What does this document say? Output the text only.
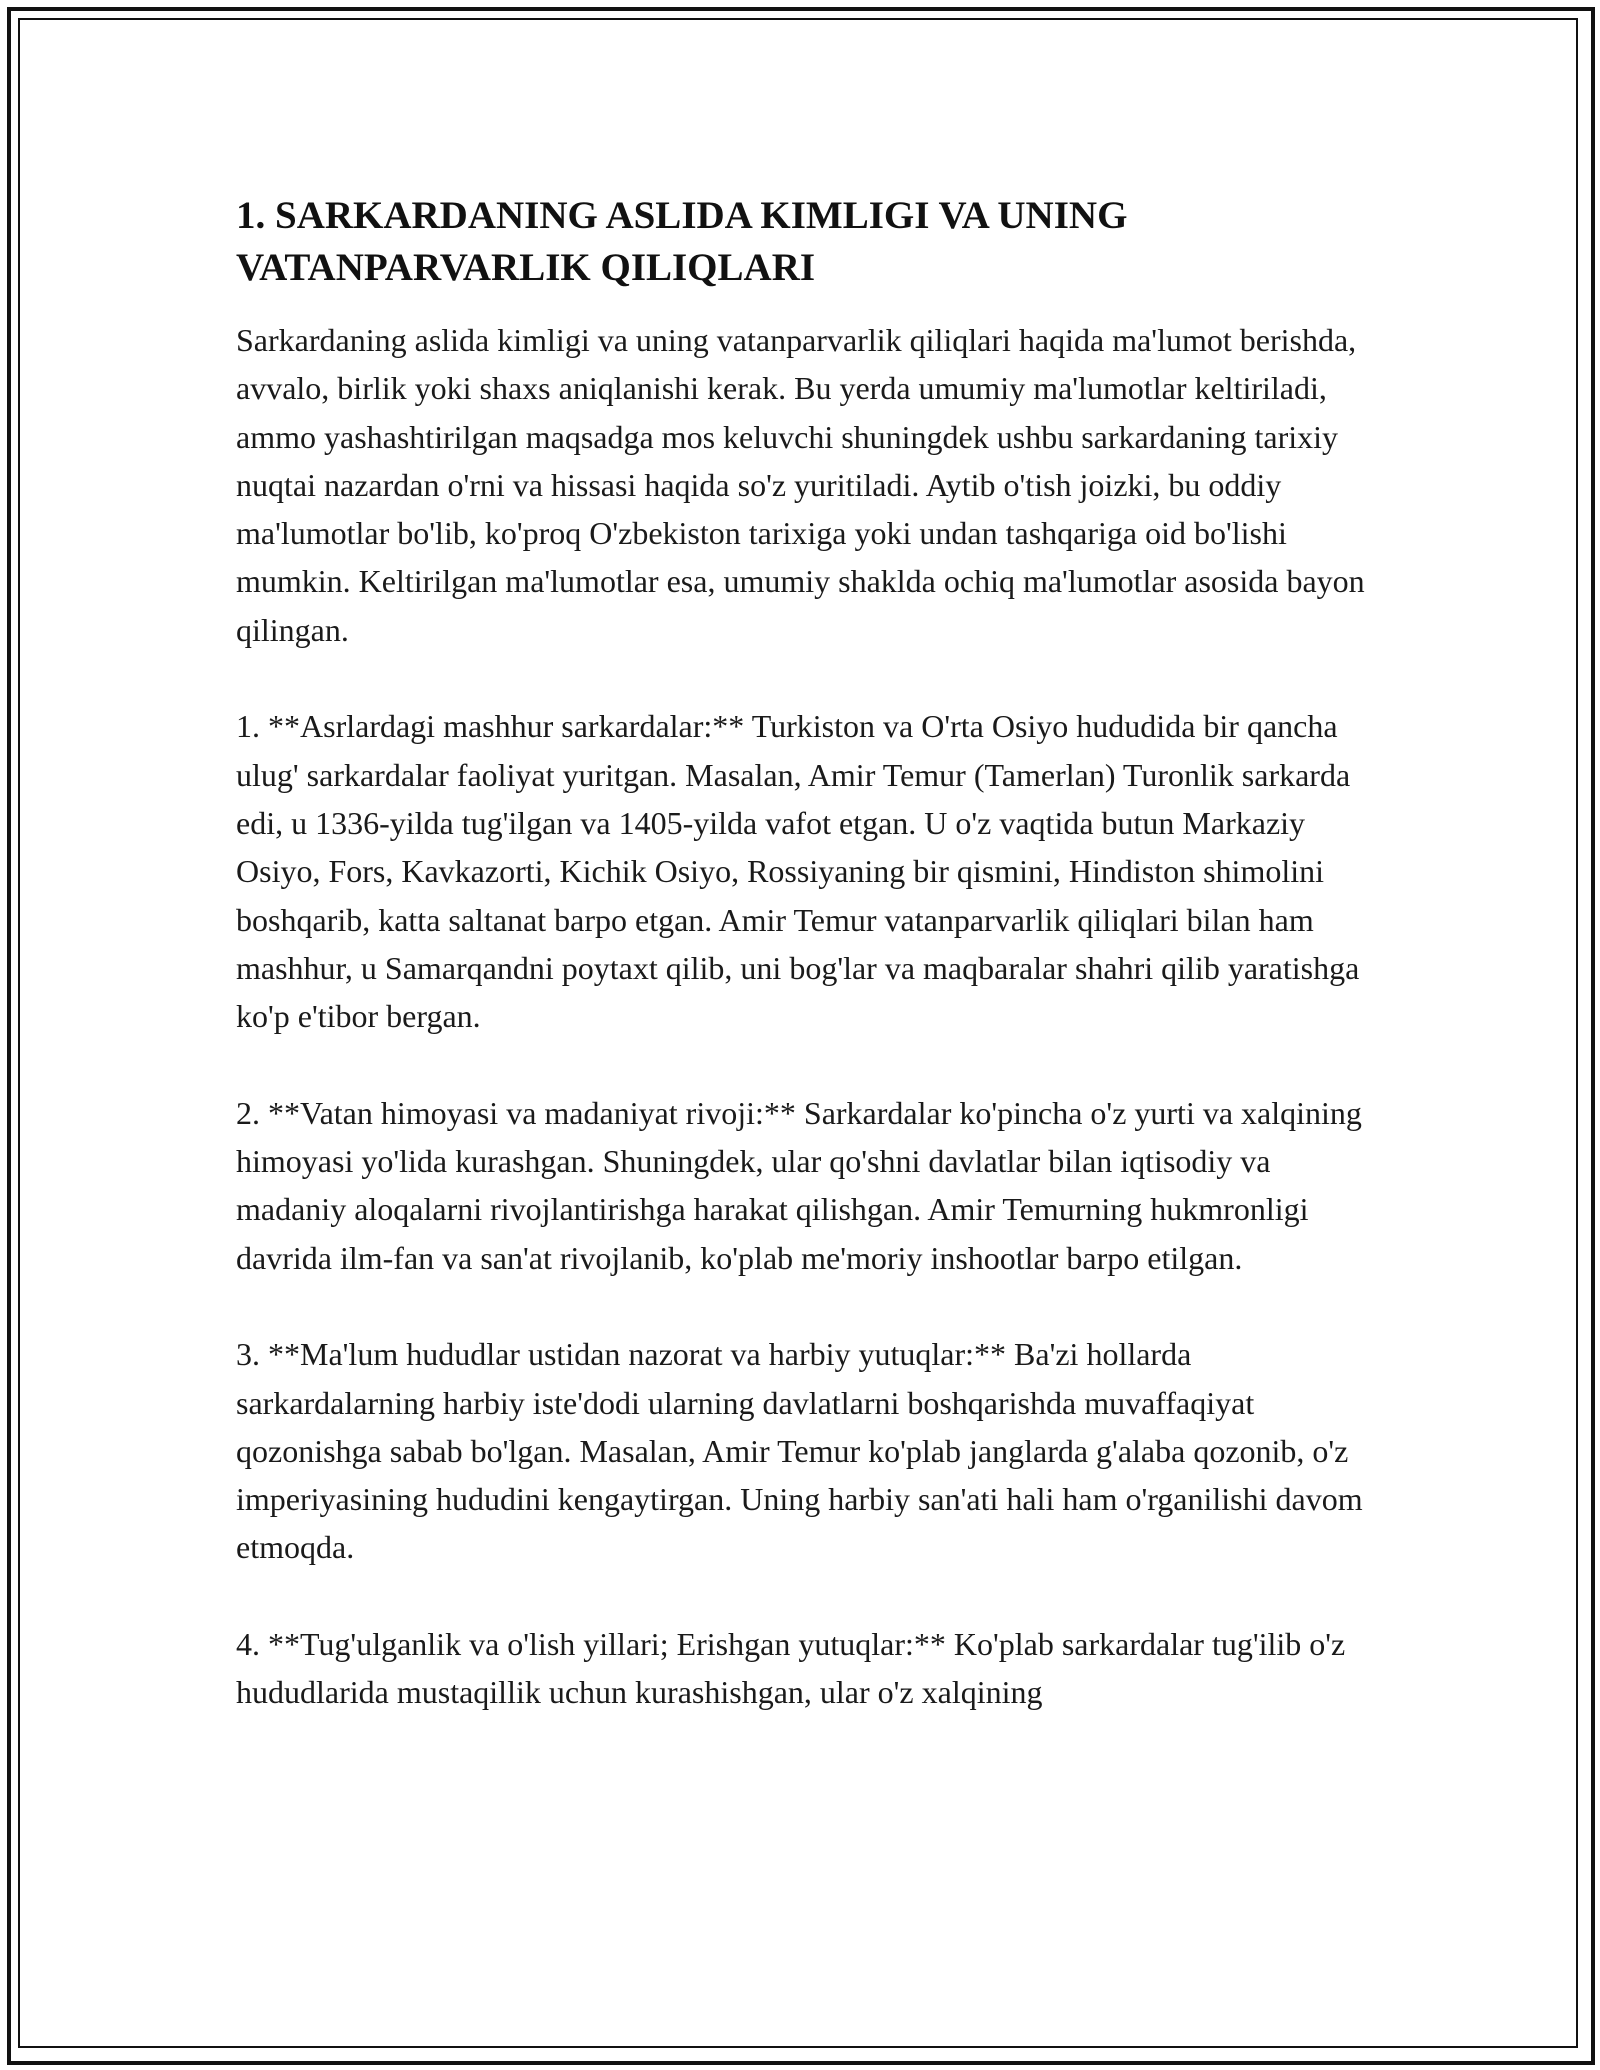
1. SARKARDANING ASLIDA KIMLIGI VA UNING VATANPARVARLIK QILIQLARI

Sarkardaning aslida kimligi va uning vatanparvarlik qiliqlari haqida ma'lumot berishda, avvalo, birlik yoki shaxs aniqlanishi kerak. Bu yerda umumiy ma'lumotlar keltiriladi, ammo yashashtirilgan maqsadga mos keluvchi shuningdek ushbu sarkardaning tarixiy nuqtai nazardan o'rni va hissasi haqida so'z yuritiladi. Aytib o'tish joizki, bu oddiy ma'lumotlar bo'lib, ko'proq O'zbekiston tarixiga yoki undan tashqariga oid bo'lishi mumkin. Keltirilgan ma'lumotlar esa, umumiy shaklda ochiq ma'lumotlar asosida bayon qilingan.

1. **Asrlardagi mashhur sarkardalar:** Turkiston va O'rta Osiyo hududida bir qancha ulug' sarkardalar faoliyat yuritgan. Masalan, Amir Temur (Tamerlan) Turonlik sarkarda edi, u 1336-yilda tug'ilgan va 1405-yilda vafot etgan. U o'z vaqtida butun Markaziy Osiyo, Fors, Kavkazorti, Kichik Osiyo, Rossiyaning bir qismini, Hindiston shimolini boshqarib, katta saltanat barpo etgan. Amir Temur vatanparvarlik qiliqlari bilan ham mashhur, u Samarqandni poytaxt qilib, uni bog'lar va maqbaralar shahri qilib yaratishga ko'p e'tibor bergan.

2. **Vatan himoyasi va madaniyat rivoji:** Sarkardalar ko'pincha o'z yurti va xalqining himoyasi yo'lida kurashgan. Shuningdek, ular qo'shni davlatlar bilan iqtisodiy va madaniy aloqalarni rivojlantirishga harakat qilishgan. Amir Temurning hukmronligi davrida ilm-fan va san'at rivojlanib, ko'plab me'moriy inshootlar barpo etilgan.

3. **Ma'lum hududlar ustidan nazorat va harbiy yutuqlar:** Ba'zi hollarda sarkardalarning harbiy iste'dodi ularning davlatlarni boshqarishda muvaffaqiyat qozonishga sabab bo'lgan. Masalan, Amir Temur ko'plab janglarda g'alaba qozonib, o'z imperiyasining hududini kengaytirgan. Uning harbiy san'ati hali ham o'rganilishi davom etmoqda.

4. **Tug'ulganlik va o'lish yillari; Erishgan yutuqlar:** Ko'plab sarkardalar tug'ilib o'z hududlarida mustaqillik uchun kurashishgan, ular o'z xalqining
